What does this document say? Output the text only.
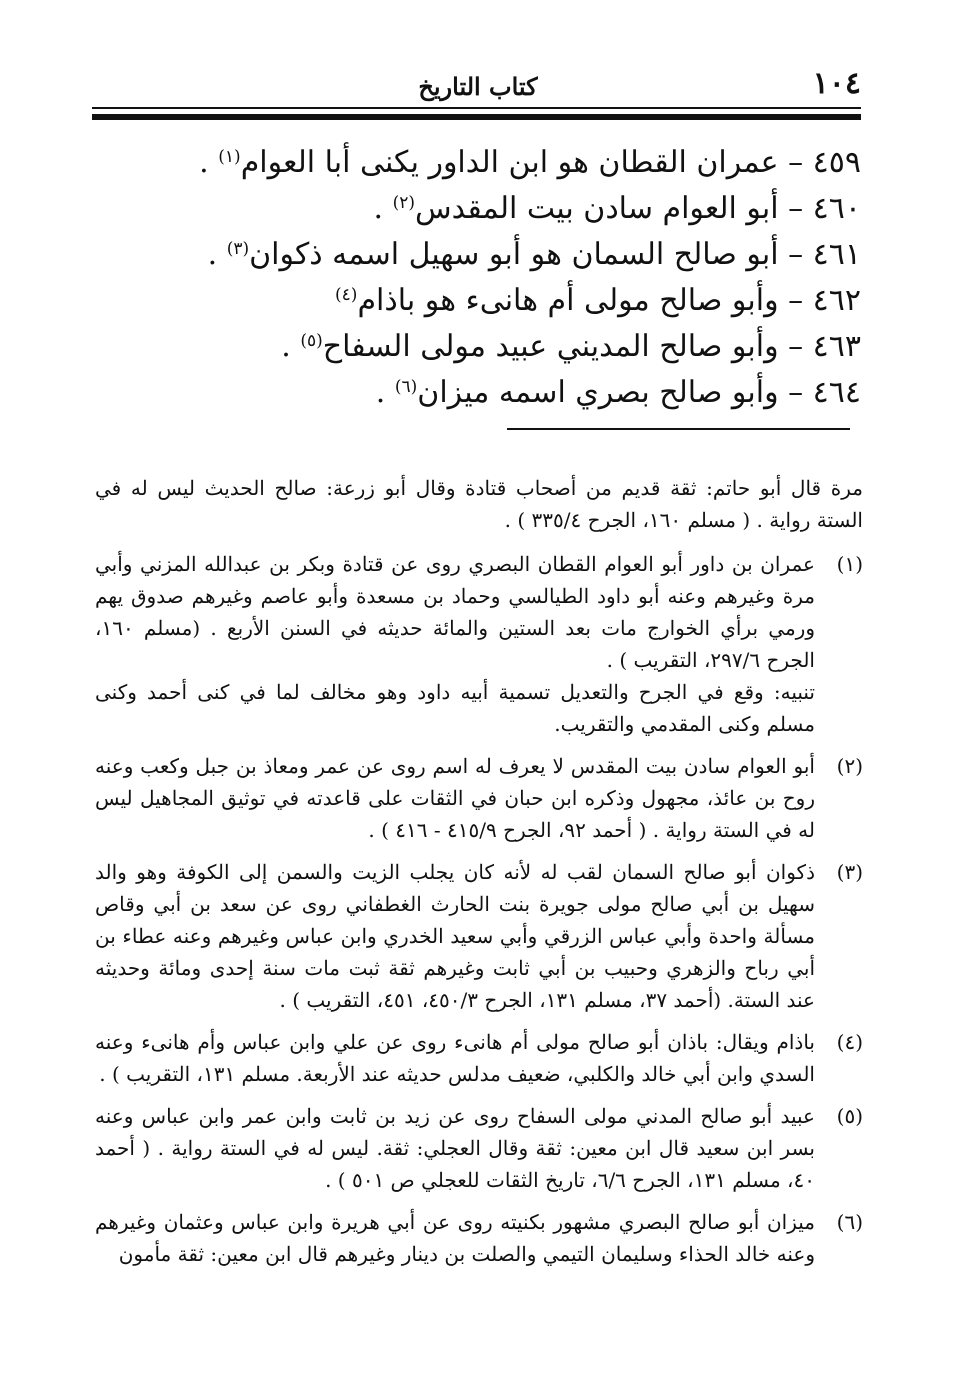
١٠٤
كتاب التاريخ
٤٥٩ – عمران القطان هو ابن الداور يكنى أبا العوام$^{(١)}$ .
٤٦٠ – أبو العوام سادن بيت المقدس$^{(٢)}$ .
٤٦١ – أبو صالح السمان هو أبو سهيل اسمه ذكوان$^{(٣)}$ .
٤٦٢ – وأبو صالح مولى أم هانىء هو باذام$^{(٤)}$
٤٦٣ – وأبو صالح المديني عبيد مولى السفاح$^{(٥)}$ .
٤٦٤ – وأبو صالح بصري اسمه ميزان$^{(٦)}$ .
مرة قال أبو حاتم: ثقة قديم من أصحاب قتادة وقال أبو زرعة: صالح الحديث ليس له في الستة رواية . ( مسلم ١٦٠، الجرح ٣٣٥/٤ ) .
(١)
عمران بن داور أبو العوام القطان البصري روى عن قتادة وبكر بن عبدالله المزني وأبي مرة وغيرهم وعنه أبو داود الطيالسي وحماد بن مسعدة وأبو عاصم وغيرهم صدوق يهم ورمي برأي الخوارج مات بعد الستين والمائة حديثه في السنن الأربع . (مسلم ١٦٠، الجرح ٢٩٧/٦، التقريب ) .
تنبيه: وقع في الجرح والتعديل تسمية أبيه داود وهو مخالف لما في كنى أحمد وكنى مسلم وكنى المقدمي والتقريب.
(٢)
أبو العوام سادن بيت المقدس لا يعرف له اسم روى عن عمر ومعاذ بن جبل وكعب وعنه روح بن عائذ، مجهول وذكره ابن حبان في الثقات على قاعدته في توثيق المجاهيل ليس له في الستة رواية . ( أحمد ٩٢، الجرح ٤١٥/٩ - ٤١٦ ) .
(٣)
ذكوان أبو صالح السمان لقب له لأنه كان يجلب الزيت والسمن إلى الكوفة وهو والد سهيل بن أبي صالح مولى جويرة بنت الحارث الغطفاني روى عن سعد بن أبي وقاص مسألة واحدة وأبي عباس الزرقي وأبي سعيد الخدري وابن عباس وغيرهم وعنه عطاء بن أبي رباح والزهري وحبيب بن أبي ثابت وغيرهم ثقة ثبت مات سنة إحدى ومائة وحديثه عند الستة. (أحمد ٣٧، مسلم ١٣١، الجرح ٤٥٠/٣، ٤٥١، التقريب ) .
(٤)
باذام ويقال: باذان أبو صالح مولى أم هانىء روى عن علي وابن عباس وأم هانىء وعنه السدي وابن أبي خالد والكلبي، ضعيف مدلس حديثه عند الأربعة. مسلم ١٣١، التقريب ) .
(٥)
عبيد أبو صالح المدني مولى السفاح روى عن زيد بن ثابت وابن عمر وابن عباس وعنه بسر ابن سعيد قال ابن معين: ثقة وقال العجلي: ثقة. ليس له في الستة رواية . ( أحمد ٤٠، مسلم ١٣١، الجرح ٦/٦، تاريخ الثقات للعجلي ص ٥٠١ ) .
(٦)
ميزان أبو صالح البصري مشهور بكنيته روى عن أبي هريرة وابن عباس وعثمان وغيرهم وعنه خالد الحذاء وسليمان التيمي والصلت بن دينار وغيرهم قال ابن معين: ثقة مأمون
